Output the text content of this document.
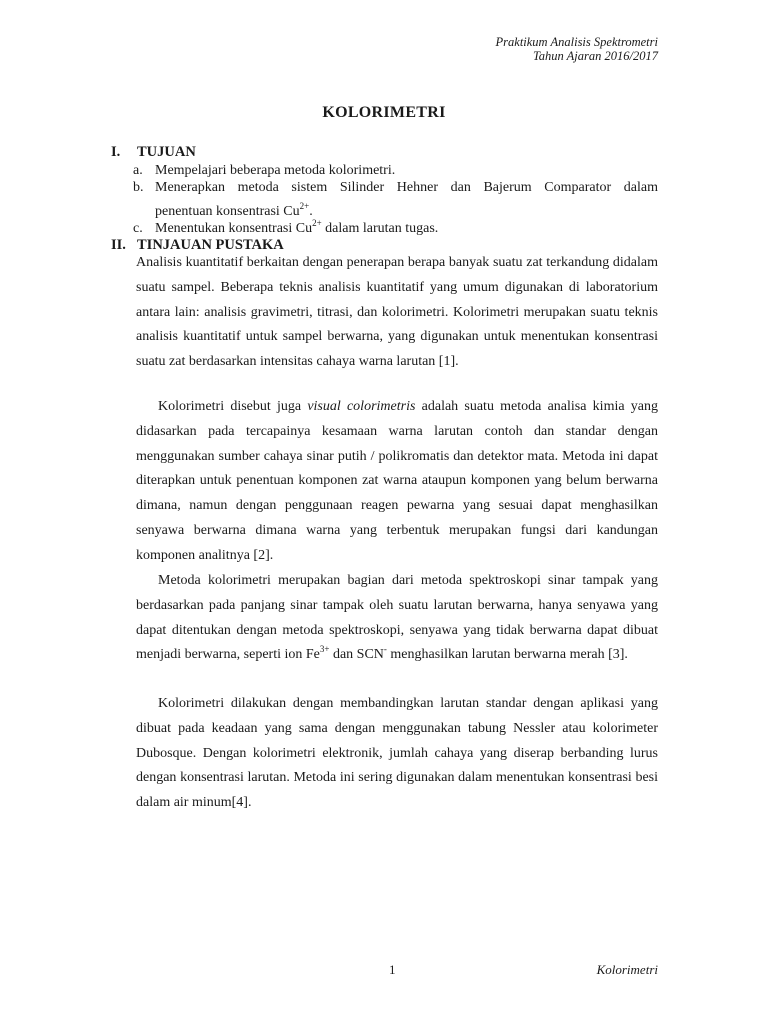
Praktikum Analisis Spektrometri
Tahun Ajaran 2016/2017
KOLORIMETRI
I. TUJUAN
a. Mempelajari beberapa metoda kolorimetri.
b. Menerapkan metoda sistem Silinder Hehner dan Bajerum Comparator dalam
penentuan konsentrasi $Cu^{2+}$.
c. Menentukan konsentrasi $Cu^{2+}$ dalam larutan tugas.
II. TINJAUAN PUSTAKA

Analisis kuantitatif berkaitan dengan penerapan berapa banyak suatu zat terkandung didalam suatu sampel. Beberapa teknis analisis kuantitatif yang umum digunakan di laboratorium antara lain: analisis gravimetri, titrasi, dan kolorimetri. Kolorimetri merupakan suatu teknis analisis kuantitatif untuk sampel berwarna, yang digunakan untuk menentukan konsentrasi suatu zat berdasarkan intensitas cahaya warna larutan [1].

Kolorimetri disebut juga visual colorimetris adalah suatu metoda analisa kimia yang didasarkan pada tercapainya kesamaan warna larutan contoh dan standar dengan menggunakan sumber cahaya sinar putih / polikromatis dan detektor mata. Metoda ini dapat diterapkan untuk penentuan komponen zat warna ataupun komponen yang belum berwarna dimana, namun dengan penggunaan reagen pewarna yang sesuai dapat menghasilkan senyawa berwarna dimana warna yang terbentuk merupakan fungsi dari kandungan komponen analitnya [2].

Metoda kolorimetri merupakan bagian dari metoda spektroskopi sinar tampak yang berdasarkan pada panjang sinar tampak oleh suatu larutan berwarna, hanya senyawa yang dapat ditentukan dengan metoda spektroskopi, senyawa yang tidak berwarna dapat dibuat menjadi berwarna, seperti ion $Fe^{3+}$ dan SCN- menghasilkan larutan berwarna merah [3].

Kolorimetri dilakukan dengan membandingkan larutan standar dengan aplikasi yang dibuat pada keadaan yang sama dengan menggunakan tabung Nessler atau kolorimeter Dubosque. Dengan kolorimetri elektronik, jumlah cahaya yang diserap berbanding lurus dengan konsentrasi larutan. Metoda ini sering digunakan dalam menentukan konsentrasi besi dalam air minum[4].

1	Kolorimetri
